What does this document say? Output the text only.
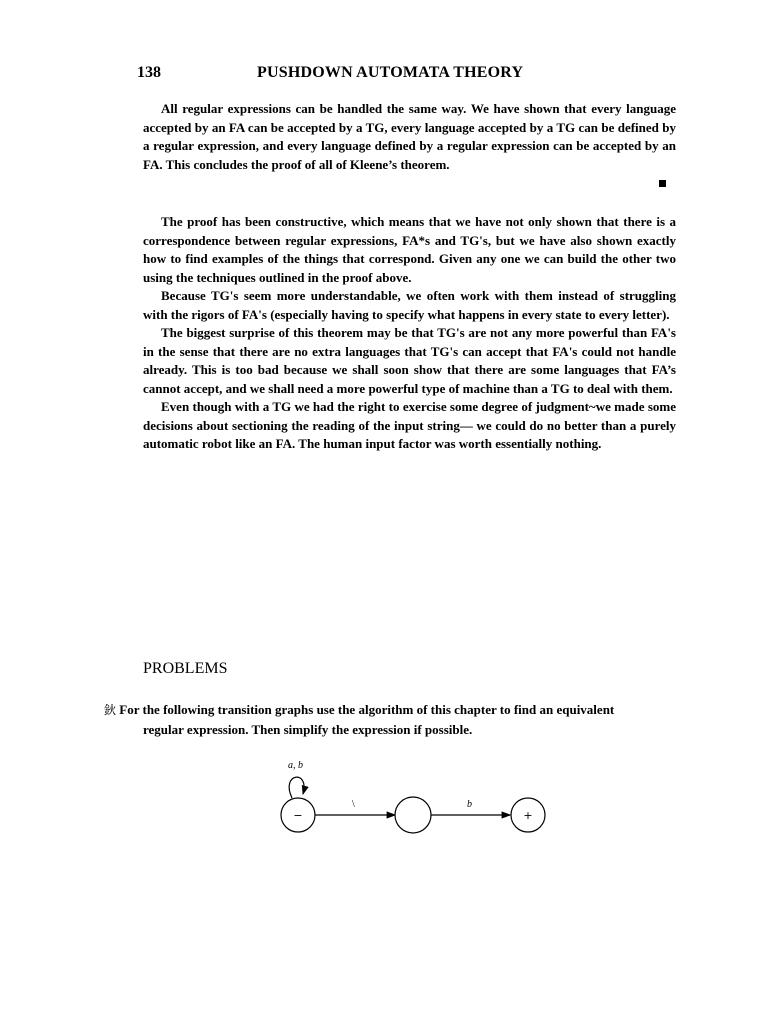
138	PUSHDOWN AUTOMATA THEORY

All regular expressions can be handled the same way. We have shown that every language accepted by an FA can be accepted by a TG, every language accepted by a TG can be defined by a regular expression, and every language defined by a regular expression can be accepted by an FA. This concludes the proof of all of Kleene’s theorem.

The proof has been constructive, which means that we have not only shown that there is a correspondence between regular expressions, FA*s and TG's, but we have also shown exactly how to find examples of the things that correspond. Given any one we can build the other two using the techniques outlined in the proof above.

Because TG's seem more understandable, we often work with them instead of struggling with the rigors of FA's (especially having to specify what happens in every state to every letter).

The biggest surprise of this theorem may be that TG's are not any more powerful than FA's in the sense that there are no extra languages that TG's can accept that FA's could not handle already. This is too bad because we shall soon show that there are some languages that FA’s cannot accept, and we shall need a more powerful type of machine than a TG to deal with them.

Even though with a TG we had the right to exercise some degree of judgment~we made some decisions about sectioning the reading of the input string— we could do no better than a purely automatic robot like an FA. The human input factor was worth essentially nothing.

PROBLEMS
鈥 For the following transition graphs use the algorithm of this chapter to find an equivalent
regular expression. Then simplify the expression if possible.
a, b
−
\	b
+
